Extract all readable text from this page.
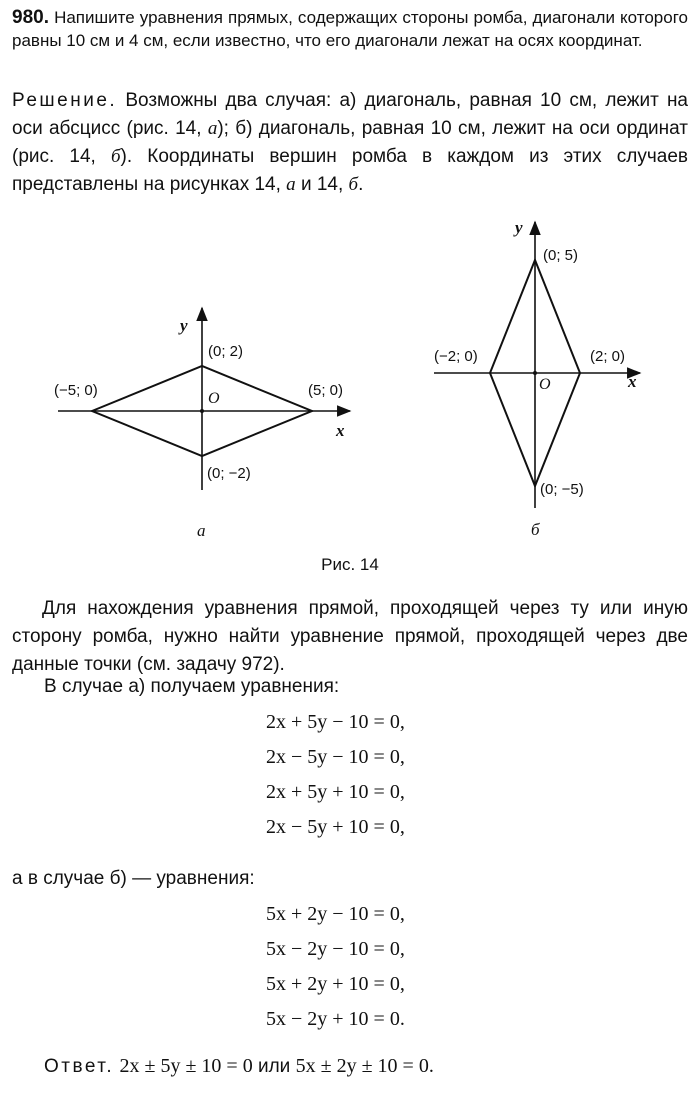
980. Напишите уравнения прямых, содержащих стороны ромба, диагонали которого равны 10 см и 4 см, если известно, что его диагонали лежат на осях координат.
Решение. Возможны два случая: а) диагональ, равная 10 см, лежит на оси абсцисс (рис. 14, а); б) диагональ, равная 10 см, лежит на оси ординат (рис. 14, б). Координаты вершин ромба в каждом из этих случаев представлены на рисунках 14, а и 14, б.
x
y
O
(−5; 0)	(5; 0)
(0; 2)
(0; −2)
а
x
y
O
(−2; 0)	(2; 0)
(0; 5)
(0; −5)
б
Рис. 14
Для нахождения уравнения прямой, проходящей через ту или иную сторону ромба, нужно найти уравнение прямой, проходящей через две данные точки (см. задачу 972).
В случае а) получаем уравнения:
2x + 5y − 10 = 0,
2x − 5y − 10 = 0,
2x + 5y + 10 = 0,
2x − 5y + 10 = 0,
а в случае б) — уравнения:
5x + 2y − 10 = 0,
5x − 2y − 10 = 0,
5x + 2y + 10 = 0,
5x − 2y + 10 = 0.
Ответ. 2x ± 5y ± 10 = 0 или 5x ± 2y ± 10 = 0.
